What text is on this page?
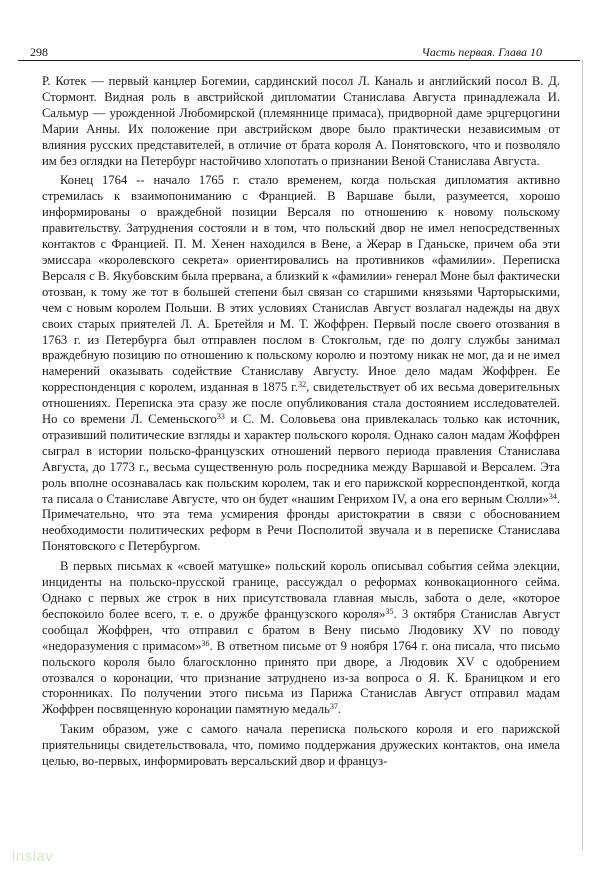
298	Часть первая. Глава 10

Р. Котек — первый канцлер Богемии, сардинский посол Л. Каналь и английский посол В. Д. Стормонт. Видная роль в австрийской дипломатии Станислава Августа принадлежала И. Сальмур — урожденной Любомирской (племяннице примаса), придворной даме эрцгерцогини Марии Анны. Их положение при австрийском дворе было практически независимым от влияния русских представителей, в отличие от брата короля А. Понятовского, что и позволяло им без оглядки на Петербург настойчиво хлопотать о признании Веной Станислава Августа.

Конец 1764 -- начало 1765 г. стало временем, когда польская дипломатия активно стремилась к взаимопониманию с Францией. В Варшаве были, разумеется, хорошо информированы о враждебной позиции Версаля по отношению к новому польскому правительству. Затруднения состояли и в том, что польский двор не имел непосредственных контактов с Францией. П. М. Хенен находился в Вене, а Жерар в Гданьске, причем оба эти эмиссара «королевского секрета» ориентировались на противников «фамилии». Переписка Версаля с В. Якубовским была прервана, а близкий к «фамилии» генерал Моне был фактически отозван, к тому же тот в большей степени был связан со старшими князьями Чарторыскими, чем с новым королем Польши. В этих условиях Станислав Август возлагал надежды на двух своих старых приятелей Л. А. Бретейля и М. Т. Жоффрен. Первый после своего отозвания в 1763 г. из Петербурга был отправлен послом в Стокгольм, где по долгу службы занимал враждебную позицию по отношению к польскому королю и поэтому никак не мог, да и не имел намерений оказывать содействие Станиславу Августу. Иное дело мадам Жоффрен. Ее корреспонденция с королем, изданная в 1875 г.$^{32}$, свидетельствует об их весьма доверительных отношениях. Переписка эта сразу же после опубликования стала достоянием исследователей. Но со времени Л. Семеньского$^{33}$ и С. М. Соловьева она привлекалась только как источник, отразивший политические взгляды и характер польского короля. Однако салон мадам Жоффрен сыграл в истории польско-французских отношений первого периода правления Станислава Августа, до 1773 г., весьма существенную роль посредника между Варшавой и Версалем. Эта роль вполне осознавалась как польским королем, так и его парижской корреспонденткой, когда та писала о Станиславе Августе, что он будет «нашим Генрихом IV, а она его верным Сюлли»$^{34}$. Примечательно, что эта тема усмирения фронды аристократии в связи с обоснованием необходимости политических реформ в Речи Посполитой звучала и в переписке Станислава Понятовского с Петербургом.

В первых письмах к «своей матушке» польский король описывал события сейма элекции, инциденты на польско-прусской границе, рассуждал о реформах конвокационного сейма. Однако с первых же строк в них присутствовала главная мысль, забота о деле, «которое беспокоило более всего, т. е. о дружбе французского короля»$^{35}$. 3 октября Станислав Август сообщал Жоффрен, что отправил с братом в Вену письмо Людовику XV по поводу «недоразумения с примасом»$^{36}$. В ответном письме от 9 ноября 1764 г. она писала, что письмо польского короля было благосклонно принято при дворе, а Людовик XV с одобрением отозвался о коронации, что признание затруднено из-за вопроса о Я. К. Браницком и его сторонниках. По получении этого письма из Парижа Станислав Август отправил мадам Жоффрен посвященную коронации памятную медаль$^{37}$.

Таким образом, уже с самого начала переписка польского короля и его парижской приятельницы свидетельствовала, что, помимо поддержания дружеских контактов, она имела целью, во-первых, информировать версальский двор и француз-

inslav
